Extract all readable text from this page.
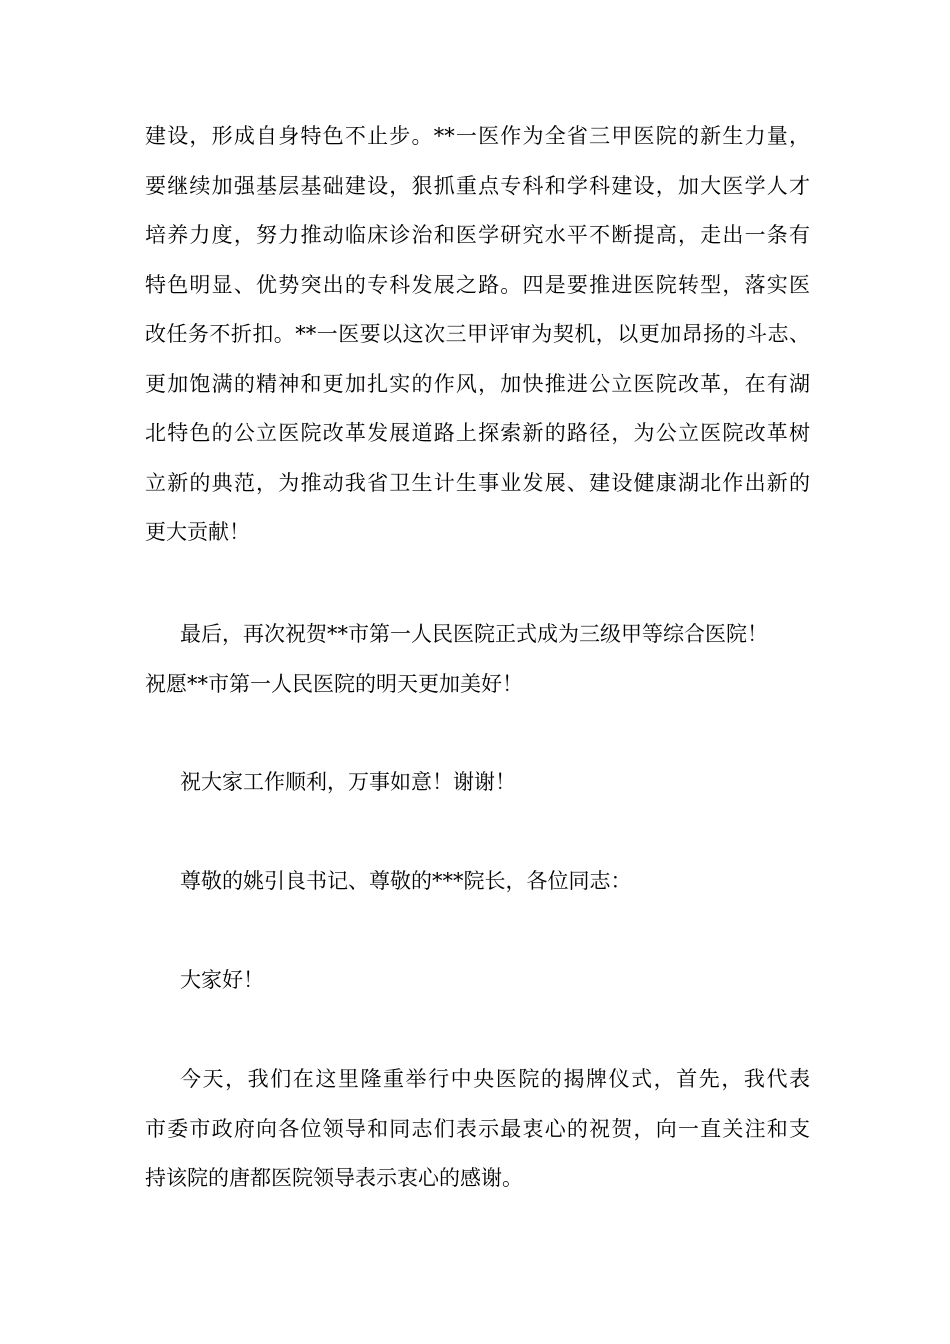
建设，形成自身特色不止步。**一医作为全省三甲医院的新生力量，
要继续加强基层基础建设，狠抓重点专科和学科建设，加大医学人才
培养力度，努力推动临床诊治和医学研究水平不断提高，走出一条有
特色明显、优势突出的专科发展之路。四是要推进医院转型，落实医
改任务不折扣。**一医要以这次三甲评审为契机，以更加昂扬的斗志、
更加饱满的精神和更加扎实的作风，加快推进公立医院改革，在有湖
北特色的公立医院改革发展道路上探索新的路径，为公立医院改革树
立新的典范，为推动我省卫生计生事业发展、建设健康湖北作出新的
更大贡献！
最后，再次祝贺**市第一人民医院正式成为三级甲等综合医院！
祝愿**市第一人民医院的明天更加美好！
祝大家工作顺利，万事如意！谢谢！
尊敬的姚引良书记、尊敬的***院长，各位同志：
大家好！
今天，我们在这里隆重举行中央医院的揭牌仪式，首先，我代表
市委市政府向各位领导和同志们表示最衷心的祝贺，向一直关注和支
持该院的唐都医院领导表示衷心的感谢。
